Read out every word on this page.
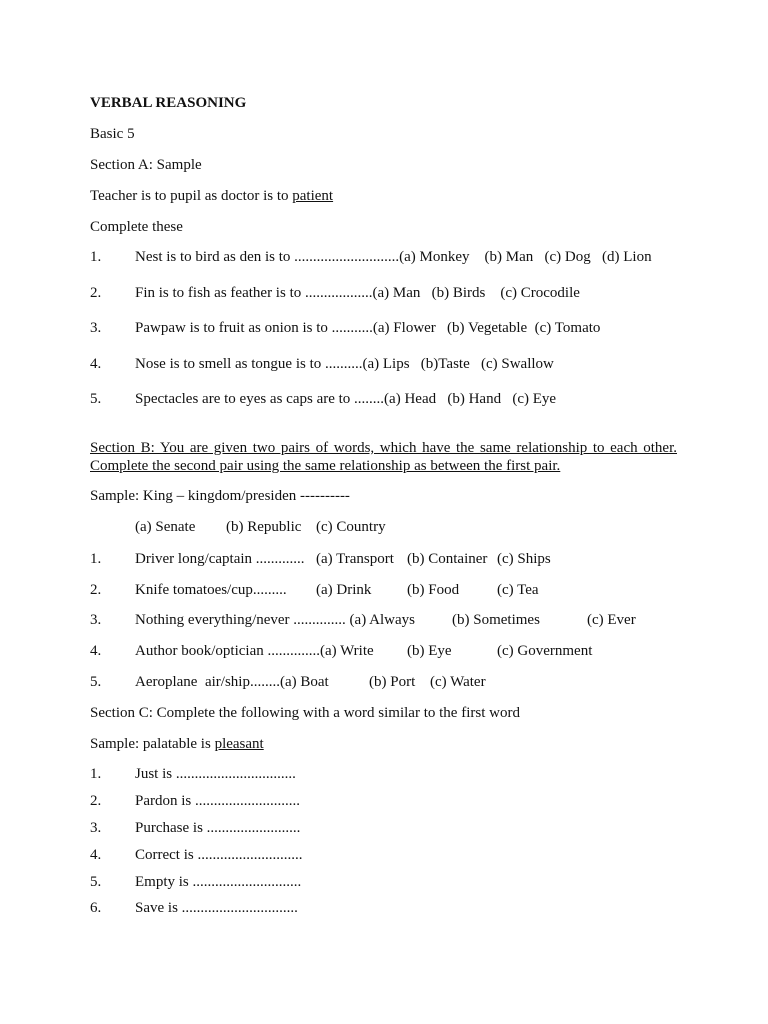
VERBAL REASONING
Basic 5
Section A: Sample
Teacher is to pupil as doctor is to patient
Complete these
1. Nest is to bird as den is to ............................(a) Monkey    (b) Man   (c) Dog   (d) Lion
2. Fin is to fish as feather is to ..................(a) Man   (b) Birds    (c) Crocodile
3. Pawpaw is to fruit as onion is to ...........(a) Flower   (b) Vegetable  (c) Tomato
4. Nose is to smell as tongue is to ..........(a) Lips   (b)Taste   (c) Swallow
5. Spectacles are to eyes as caps are to ........(a) Head   (b) Hand   (c) Eye
Section B: You are given two pairs of words, which have the same relationship to each other. Complete the second pair using the same relationship as between the first pair.
Sample: King – kingdom/presiden ----------
(a) Senate (b) Republic (c) Country
1. Driver long/captain ............. (a) Transport (b) Container (c) Ships
2. Knife tomatoes/cup......... (a) Drink (b) Food	(c) Tea
3. Nothing everything/never .............. (a) Always (b) Sometimes	(c) Ever
4. Author book/optician ..............(a) Write (b) Eye	(c) Government
5. Aeroplane  air/ship........(a) Boat	(b) Port (c) Water
Section C: Complete the following with a word similar to the first word
Sample: palatable is pleasant
1. Just is ................................
2. Pardon is ............................
3. Purchase is .........................
4. Correct is ............................
5. Empty is .............................
6. Save is ...............................
